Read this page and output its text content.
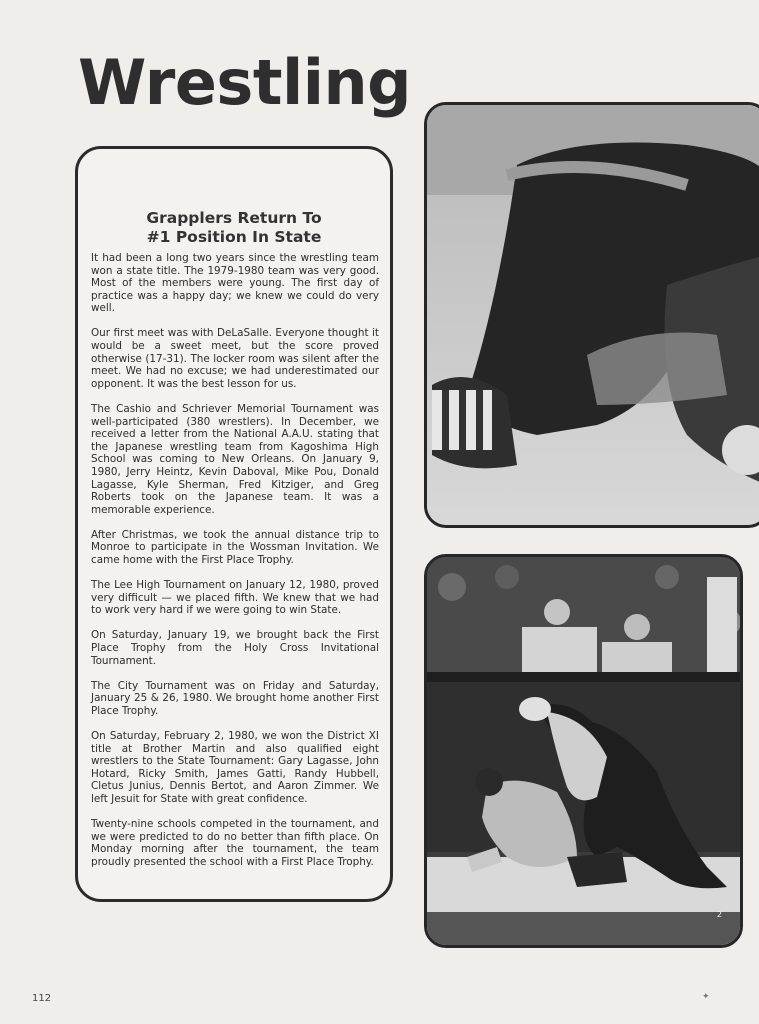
Wrestling
Grapplers Return To
#1 Position In State

It had been a long two years since the wrestling team won a state title. The 1979-1980 team was very good. Most of the members were young. The first day of practice was a happy day; we knew we could do very well.

Our first meet was with DeLaSalle. Everyone thought it would be a sweet meet, but the score proved otherwise (17-31). The locker room was silent after the meet. We had no excuse; we had underestimated our opponent. It was the best lesson for us.

The Cashio and Schriever Memorial Tournament was well-participated (380 wrestlers). In December, we received a letter from the National A.A.U. stating that the Japanese wrestling team from Kagoshima High School was coming to New Orleans. On January 9, 1980, Jerry Heintz, Kevin Daboval, Mike Pou, Donald Lagasse, Kyle Sherman, Fred Kitziger, and Greg Roberts took on the Japanese team. It was a memorable experience.

After Christmas, we took the annual distance trip to Monroe to participate in the Wossman Invitation. We came home with the First Place Trophy.

The Lee High Tournament on January 12, 1980, proved very difficult — we placed fifth. We knew that we had to work very hard if we were going to win State.

On Saturday, January 19, we brought back the First Place Trophy from the Holy Cross Invitational Tournament.

The City Tournament was on Friday and Saturday, January 25 & 26, 1980. We brought home another First Place Trophy.

On Saturday, February 2, 1980, we won the District XI title at Brother Martin and also qualified eight wrestlers to the State Tournament: Gary Lagasse, John Hotard, Ricky Smith, James Gatti, Randy Hubbell, Cletus Junius, Dennis Bertot, and Aaron Zimmer. We left Jesuit for State with great confidence.

Twenty-nine schools competed in the tournament, and we were predicted to do no better than fifth place. On Monday morning after the tournament, the team proudly presented the school with a First Place Trophy.

2
112	✦
